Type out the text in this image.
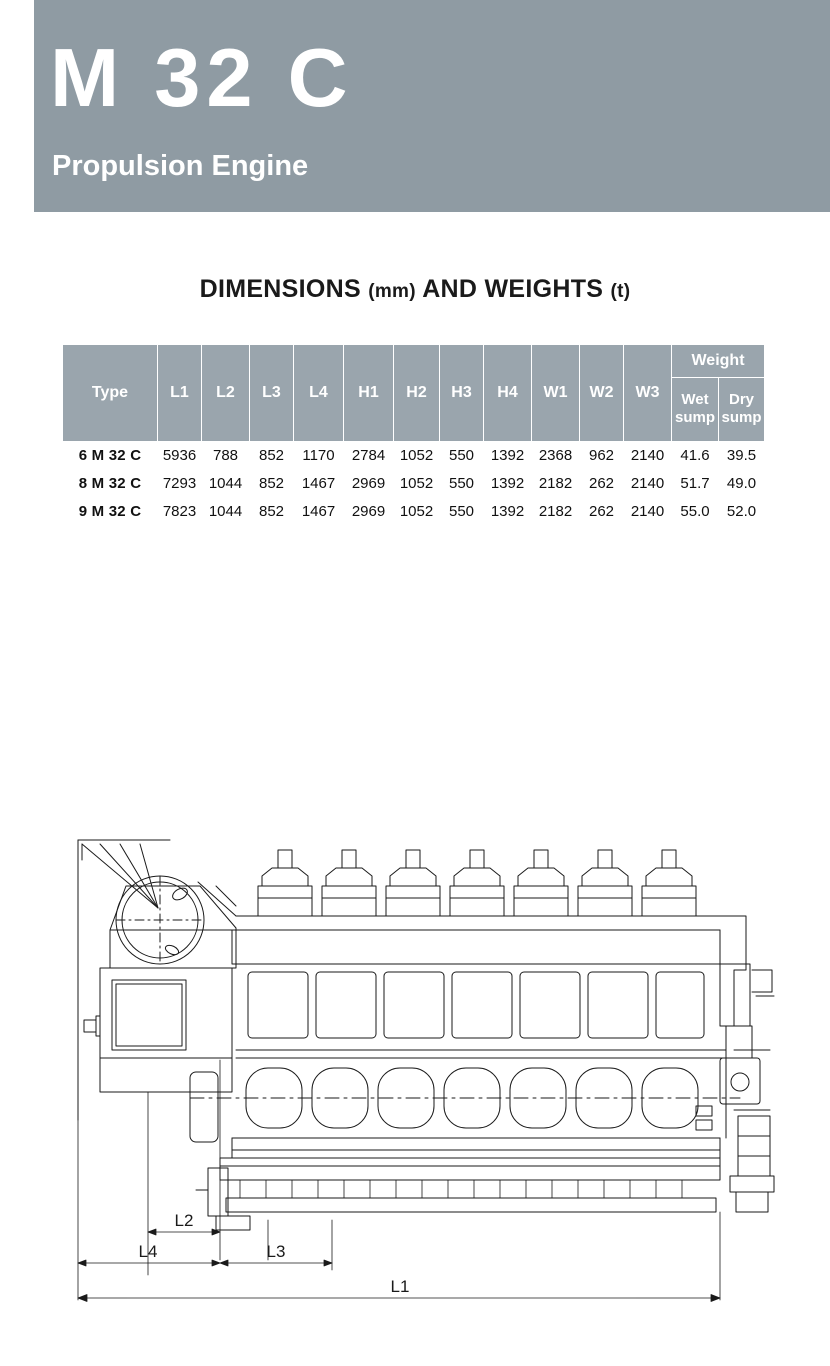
M 32 C
Propulsion Engine
DIMENSIONS (mm) AND WEIGHTS (t)
Type	L1	L2	L3	L4	H1	H2	H3	H4	W1	W2	W3	Weight	
												Wet sump	Dry sump
6 M 32 C	5936	788	852	1170	2784	1052	550	1392	2368	962	2140	41.6	39.5
8 M 32 C	7293	1044	852	1467	2969	1052	550	1392	2182	262	2140	51.7	49.0
9 M 32 C	7823	1044	852	1467	2969	1052	550	1392	2182	262	2140	55.0	52.0
L2
L4	L3
L1
